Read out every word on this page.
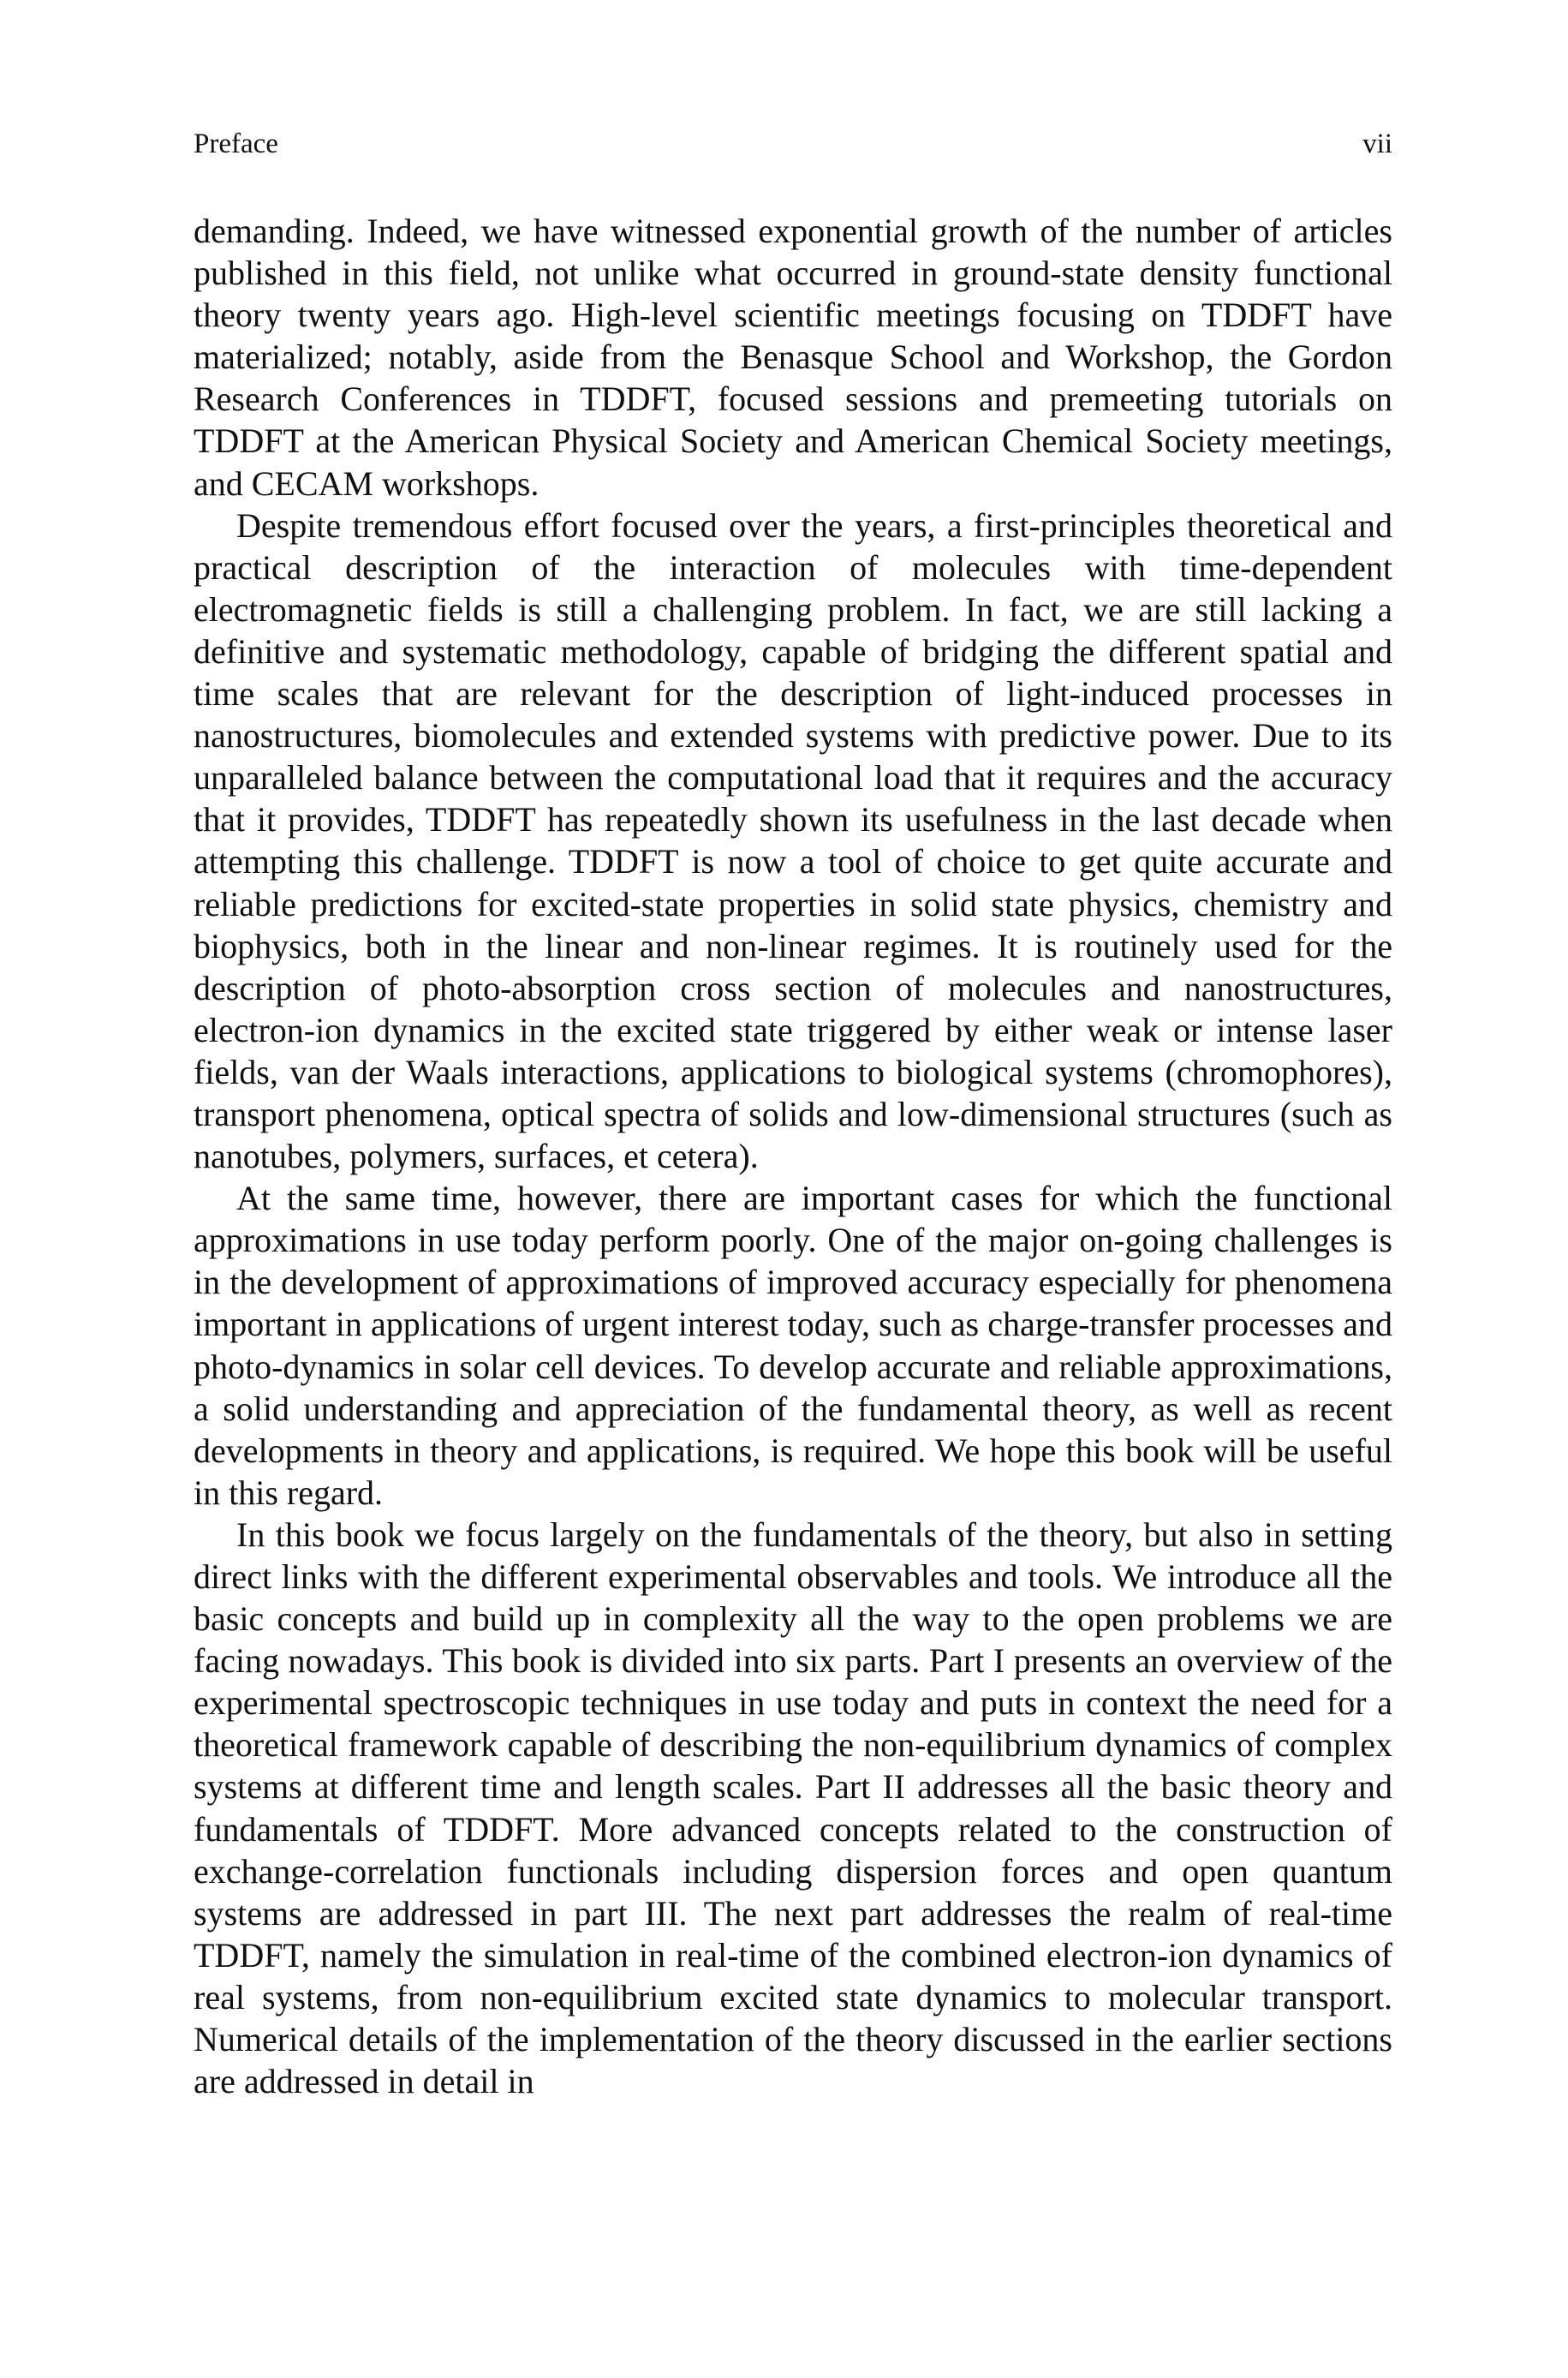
Preface	vii

demanding. Indeed, we have witnessed exponential growth of the number of articles published in this field, not unlike what occurred in ground-state density functional theory twenty years ago. High-level scientific meetings focusing on TDDFT have materialized; notably, aside from the Benasque School and Workshop, the Gordon Research Conferences in TDDFT, focused sessions and premeeting tutorials on TDDFT at the American Physical Society and American Chemical Society meetings, and CECAM workshops.

Despite tremendous effort focused over the years, a first-principles theoretical and practical description of the interaction of molecules with time-dependent electromagnetic fields is still a challenging problem. In fact, we are still lacking a definitive and systematic methodology, capable of bridging the different spatial and time scales that are relevant for the description of light-induced processes in nanostructures, biomolecules and extended systems with predictive power. Due to its unparalleled balance between the computational load that it requires and the accuracy that it provides, TDDFT has repeatedly shown its usefulness in the last decade when attempting this challenge. TDDFT is now a tool of choice to get quite accurate and reliable predictions for excited-state properties in solid state physics, chemistry and biophysics, both in the linear and non-linear regimes. It is routinely used for the description of photo-absorption cross section of molecules and nanostructures, electron-ion dynamics in the excited state triggered by either weak or intense laser fields, van der Waals interactions, applications to biological systems (chromophores), transport phenomena, optical spectra of solids and low-dimensional structures (such as nanotubes, polymers, surfaces, et cetera).

At the same time, however, there are important cases for which the functional approximations in use today perform poorly. One of the major on-going challenges is in the development of approximations of improved accuracy especially for phenomena important in applications of urgent interest today, such as charge-transfer processes and photo-dynamics in solar cell devices. To develop accurate and reliable approximations, a solid understanding and appreciation of the fundamental theory, as well as recent developments in theory and applications, is required. We hope this book will be useful in this regard.

In this book we focus largely on the fundamentals of the theory, but also in setting direct links with the different experimental observables and tools. We introduce all the basic concepts and build up in complexity all the way to the open problems we are facing nowadays. This book is divided into six parts. Part I presents an overview of the experimental spectroscopic techniques in use today and puts in context the need for a theoretical framework capable of describing the non-equilibrium dynamics of complex systems at different time and length scales. Part II addresses all the basic theory and fundamentals of TDDFT. More advanced concepts related to the construction of exchange-correlation functionals including dispersion forces and open quantum systems are addressed in part III. The next part addresses the realm of real-time TDDFT, namely the simulation in real-time of the combined electron-ion dynamics of real systems, from non-equilibrium excited state dynamics to molecular transport. Numerical details of the implementation of the theory discussed in the earlier sections are addressed in detail in
